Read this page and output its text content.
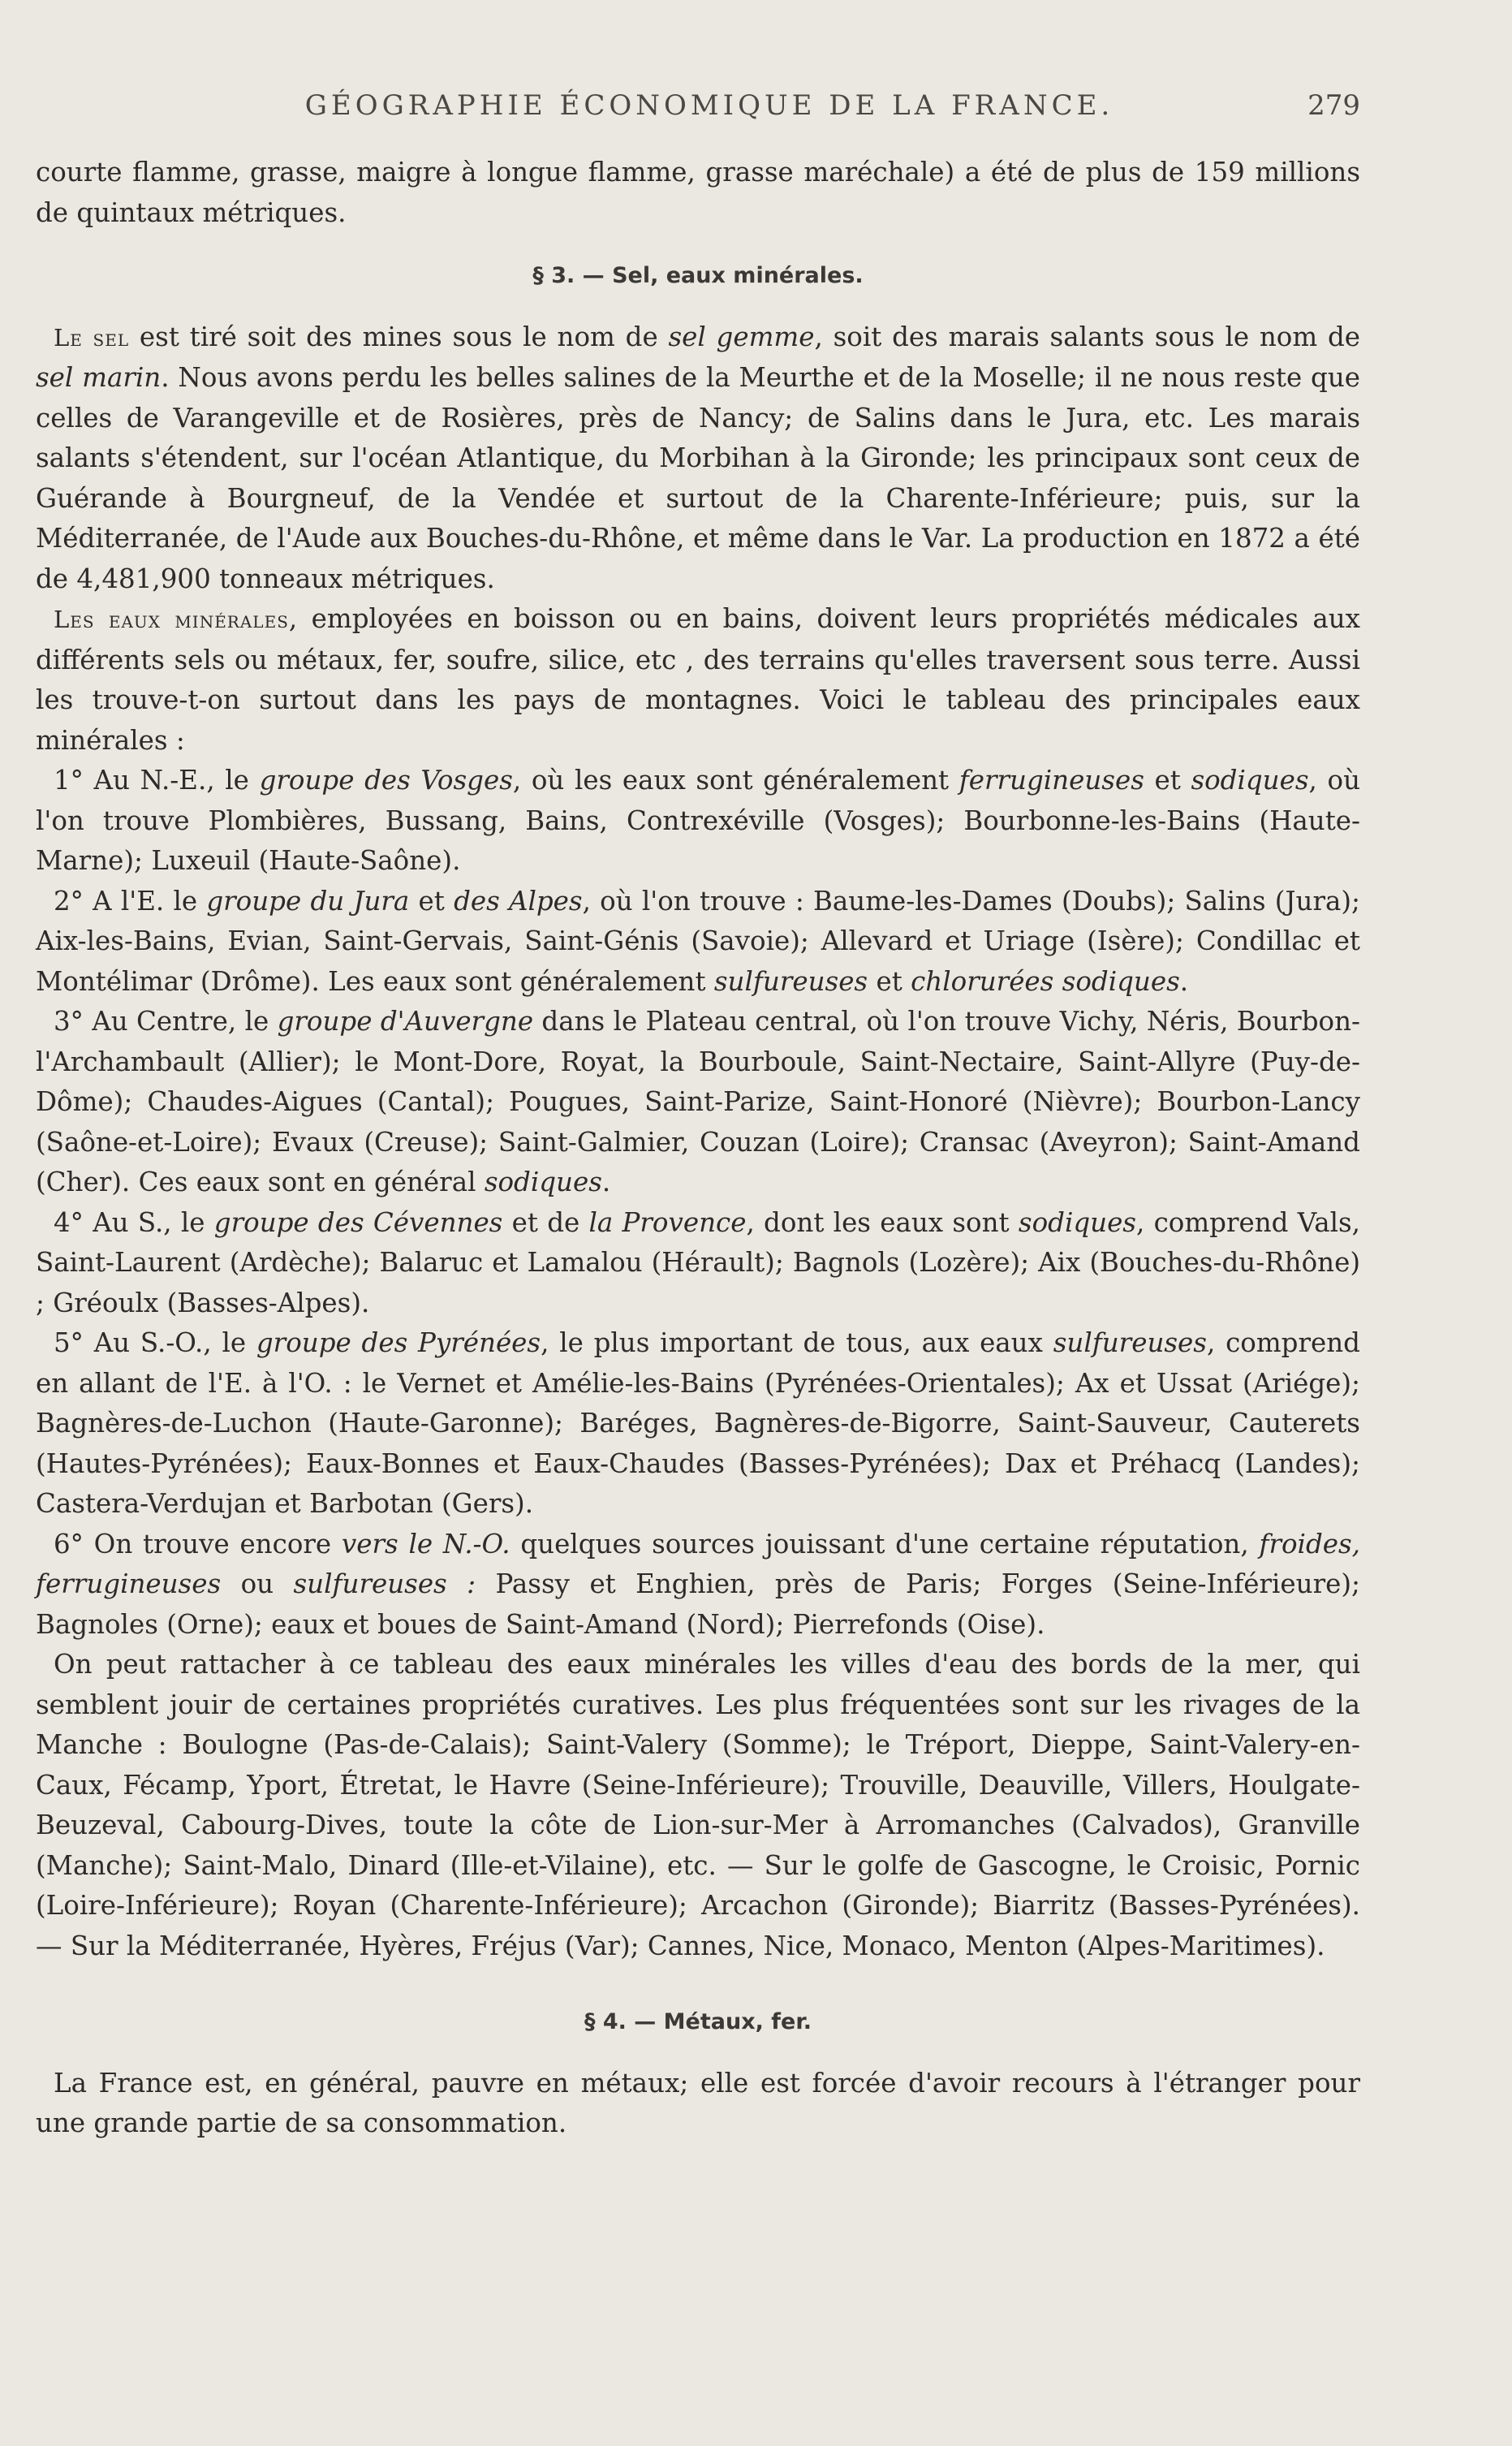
GÉOGRAPHIE ÉCONOMIQUE DE LA FRANCE.	279

courte flamme, grasse, maigre à longue flamme, grasse maréchale) a été de plus de 159 millions de quintaux métriques.

§ 3. — Sel, eaux minérales.

Le sel est tiré soit des mines sous le nom de sel gemme, soit des marais salants sous le nom de sel marin. Nous avons perdu les belles salines de la Meurthe et de la Moselle; il ne nous reste que celles de Varangeville et de Rosières, près de Nancy; de Salins dans le Jura, etc. Les marais salants s'étendent, sur l'océan Atlantique, du Morbihan à la Gironde; les principaux sont ceux de Guérande à Bourgneuf, de la Vendée et surtout de la Charente-Inférieure; puis, sur la Méditerranée, de l'Aude aux Bouches-du-Rhône, et même dans le Var. La production en 1872 a été de 4,481,900 tonneaux métriques.

Les eaux minérales, employées en boisson ou en bains, doivent leurs propriétés médicales aux différents sels ou métaux, fer, soufre, silice, etc , des terrains qu'elles traversent sous terre. Aussi les trouve-t-on surtout dans les pays de montagnes. Voici le tableau des principales eaux minérales :

1° Au N.-E., le groupe des Vosges, où les eaux sont généralement ferrugineuses et sodiques, où l'on trouve Plombières, Bussang, Bains, Contrexéville (Vosges); Bourbonne-les-Bains (Haute-Marne); Luxeuil (Haute-Saône).

2° A l'E. le groupe du Jura et des Alpes, où l'on trouve : Baume-les-Dames (Doubs); Salins (Jura); Aix-les-Bains, Evian, Saint-Gervais, Saint-Génis (Savoie); Allevard et Uriage (Isère); Condillac et Montélimar (Drôme). Les eaux sont généralement sulfureuses et chlorurées sodiques.

3° Au Centre, le groupe d'Auvergne dans le Plateau central, où l'on trouve Vichy, Néris, Bourbon-l'Archambault (Allier); le Mont-Dore, Royat, la Bourboule, Saint-Nectaire, Saint-Allyre (Puy-de-Dôme); Chaudes-Aigues (Cantal); Pougues, Saint-Parize, Saint-Honoré (Nièvre); Bourbon-Lancy (Saône-et-Loire); Evaux (Creuse); Saint-Galmier, Couzan (Loire); Cransac (Aveyron); Saint-Amand (Cher). Ces eaux sont en général sodiques.

4° Au S., le groupe des Cévennes et de la Provence, dont les eaux sont sodiques, comprend Vals, Saint-Laurent (Ardèche); Balaruc et Lamalou (Hérault); Bagnols (Lozère); Aix (Bouches-du-Rhône) ; Gréoulx (Basses-Alpes).

5° Au S.-O., le groupe des Pyrénées, le plus important de tous, aux eaux sulfureuses, comprend en allant de l'E. à l'O. : le Vernet et Amélie-les-Bains (Pyrénées-Orientales); Ax et Ussat (Ariége); Bagnères-de-Luchon (Haute-Garonne); Baréges, Bagnères-de-Bigorre, Saint-Sauveur, Cauterets (Hautes-Pyrénées); Eaux-Bonnes et Eaux-Chaudes (Basses-Pyrénées); Dax et Préhacq (Landes); Castera-Verdujan et Barbotan (Gers).

6° On trouve encore vers le N.-O. quelques sources jouissant d'une certaine réputation, froides, ferrugineuses ou sulfureuses : Passy et Enghien, près de Paris; Forges (Seine-Inférieure); Bagnoles (Orne); eaux et boues de Saint-Amand (Nord); Pierrefonds (Oise).

On peut rattacher à ce tableau des eaux minérales les villes d'eau des bords de la mer, qui semblent jouir de certaines propriétés curatives. Les plus fréquentées sont sur les rivages de la Manche : Boulogne (Pas-de-Calais); Saint-Valery (Somme); le Tréport, Dieppe, Saint-Valery-en-Caux, Fécamp, Yport, Étretat, le Havre (Seine-Inférieure); Trouville, Deauville, Villers, Houlgate-Beuzeval, Cabourg-Dives, toute la côte de Lion-sur-Mer à Arromanches (Calvados), Granville (Manche); Saint-Malo, Dinard (Ille-et-Vilaine), etc. — Sur le golfe de Gascogne, le Croisic, Pornic (Loire-Inférieure); Royan (Charente-Inférieure); Arcachon (Gironde); Biarritz (Basses-Pyrénées). — Sur la Méditerranée, Hyères, Fréjus (Var); Cannes, Nice, Monaco, Menton (Alpes-Maritimes).

§ 4. — Métaux, fer.

La France est, en général, pauvre en métaux; elle est forcée d'avoir recours à l'étranger pour une grande partie de sa consommation.
